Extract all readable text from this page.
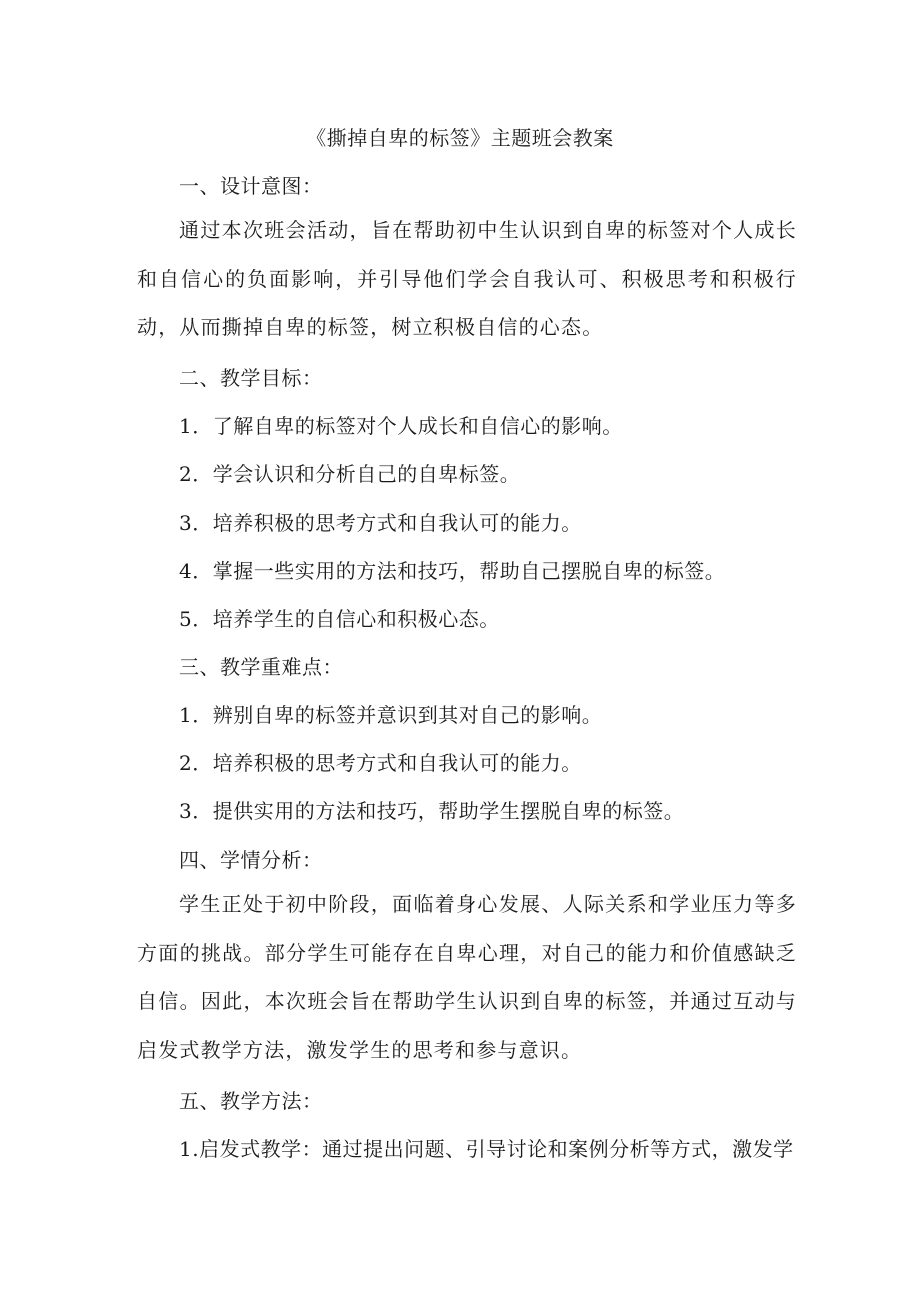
《撕掉自卑的标签》主题班会教案
一、设计意图：

通过本次班会活动，旨在帮助初中生认识到自卑的标签对个人成长和自信心的负面影响，并引导他们学会自我认可、积极思考和积极行动，从而撕掉自卑的标签，树立积极自信的心态。

二、教学目标：
1．了解自卑的标签对个人成长和自信心的影响。
2．学会认识和分析自己的自卑标签。
3．培养积极的思考方式和自我认可的能力。
4．掌握一些实用的方法和技巧，帮助自己摆脱自卑的标签。
5．培养学生的自信心和积极心态。
三、教学重难点：
1．辨别自卑的标签并意识到其对自己的影响。
2．培养积极的思考方式和自我认可的能力。
3．提供实用的方法和技巧，帮助学生摆脱自卑的标签。
四、学情分析：

学生正处于初中阶段，面临着身心发展、人际关系和学业压力等多方面的挑战。部分学生可能存在自卑心理，对自己的能力和价值感缺乏自信。因此，本次班会旨在帮助学生认识到自卑的标签，并通过互动与启发式教学方法，激发学生的思考和参与意识。

五、教学方法：
1.启发式教学：通过提出问题、引导讨论和案例分析等方式，激发学
